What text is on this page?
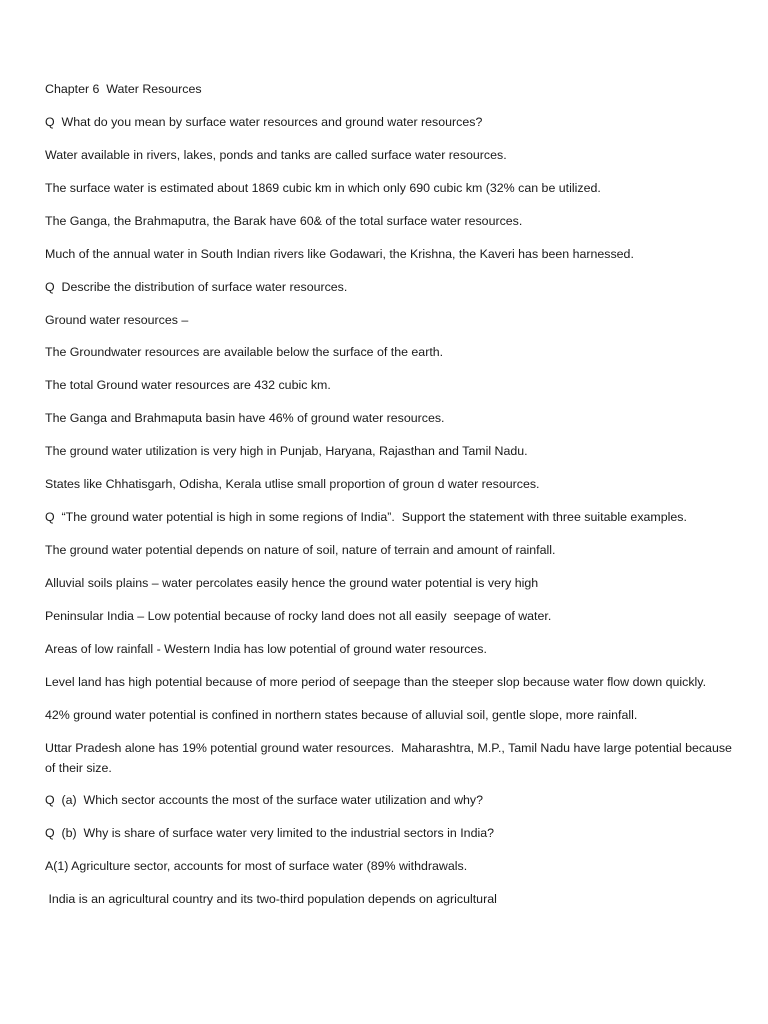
Chapter 6  Water Resources

Q  What do you mean by surface water resources and ground water resources?

Water available in rivers, lakes, ponds and tanks are called surface water resources.

The surface water is estimated about 1869 cubic km in which only 690 cubic km (32% can be utilized.

The Ganga, the Brahmaputra, the Barak have 60& of the total surface water resources.

Much of the annual water in South Indian rivers like Godawari, the Krishna, the Kaveri has been harnessed.

Q  Describe the distribution of surface water resources.

Ground water resources –

The Groundwater resources are available below the surface of the earth.

The total Ground water resources are 432 cubic km.

The Ganga and Brahmaputa basin have 46% of ground water resources.

The ground water utilization is very high in Punjab, Haryana, Rajasthan and Tamil Nadu.

States like Chhatisgarh, Odisha, Kerala utlise small proportion of groun d water resources.

Q  “The ground water potential is high in some regions of India”.  Support the statement with three suitable examples.

The ground water potential depends on nature of soil, nature of terrain and amount of rainfall.

Alluvial soils plains – water percolates easily hence the ground water potential is very high

Peninsular India – Low potential because of rocky land does not all easily  seepage of water.

Areas of low rainfall - Western India has low potential of ground water resources.

Level land has high potential because of more period of seepage than the steeper slop because water flow down quickly.

42% ground water potential is confined in northern states because of alluvial soil, gentle slope, more rainfall.

Uttar Pradesh alone has 19% potential ground water resources.  Maharashtra, M.P., Tamil Nadu have large potential because of their size.

Q  (a)  Which sector accounts the most of the surface water utilization and why?

Q  (b)  Why is share of surface water very limited to the industrial sectors in India?

A(1) Agriculture sector, accounts for most of surface water (89% withdrawals.

India is an agricultural country and its two-third population depends on agricultural
